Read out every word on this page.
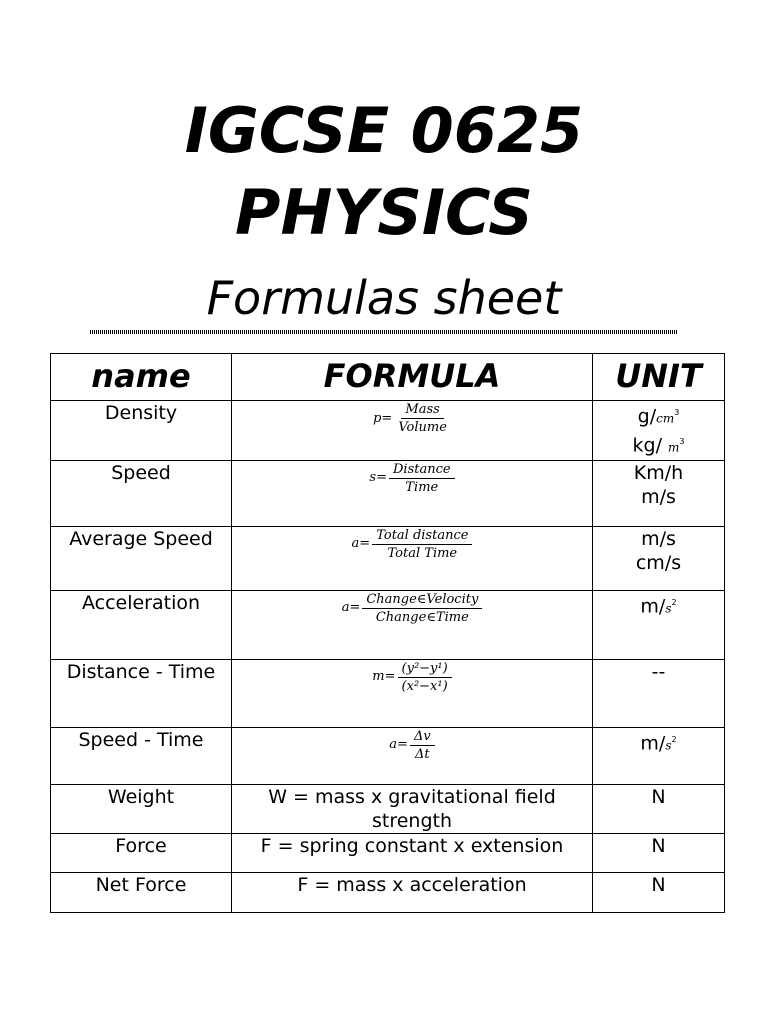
IGCSE 0625
PHYSICS
Formulas sheet
name	FORMULA	UNIT
Density	$p= \frac{\text{Mass}}{\text{Volume}}$	$g/cm^3$
kg/ $m^3$

Speed	$s= \frac{\text{Distance}}{\text{Time}}$	Km/h
m/s

Average Speed	$a= \frac{\text{Total distance}}{\text{Total Time}}$	m/s
cm/s

Acceleration	$a= \frac{\text{Change∈Velocity}}{\text{Change∈Time}}$	$m/s^2$

Distance - Time	$m= \frac{\text{(y²−y¹)}}{\text{(x²−x¹)}}$	--

Speed - Time	$a= \frac{\Delta v}{\Delta t}$	$m/s^2$

Weight	W = mass x gravitational field strength	N
Force	F = spring constant x extension	N
Net Force	F = mass x acceleration	N
